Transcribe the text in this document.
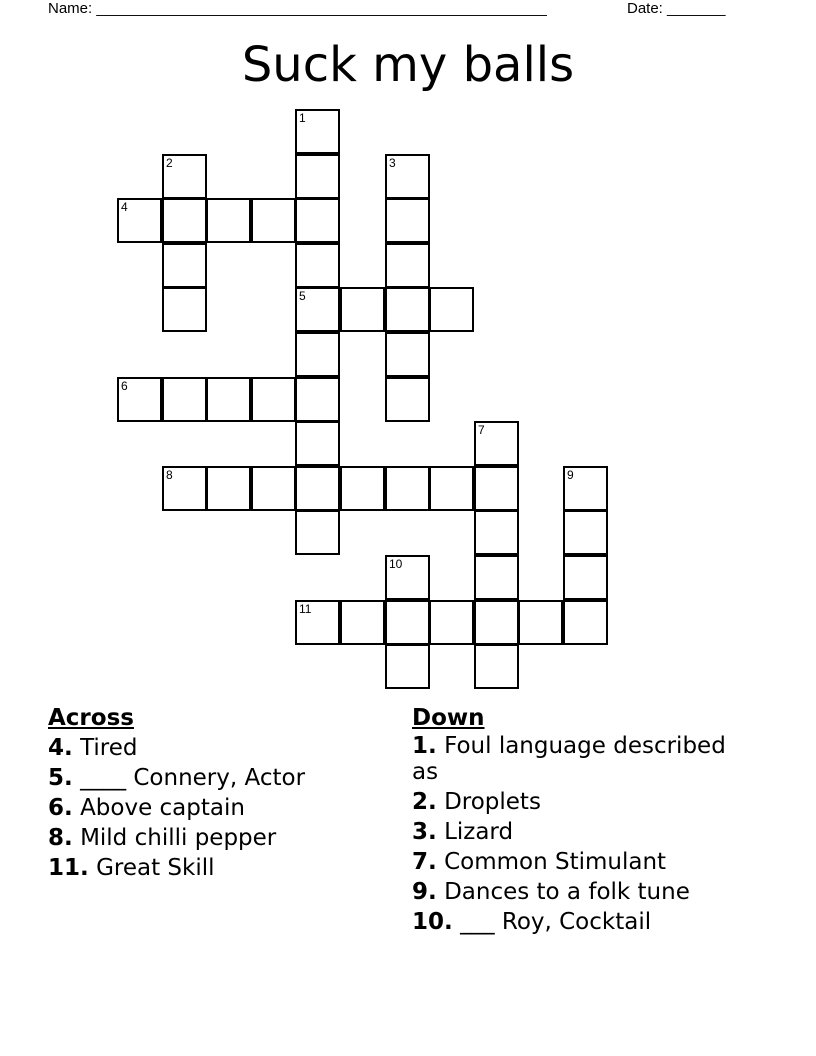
Name: ______________________________________________________	Date: _______
Suck my balls
1
2	3
4
5
6
7
8	9
10
11
Across
4. Tired
5. ____ Connery, Actor
6. Above captain
8. Mild chilli pepper
11. Great Skill
Down
1. Foul language described as
2. Droplets
3. Lizard
7. Common Stimulant
9. Dances to a folk tune
10. ___ Roy, Cocktail
